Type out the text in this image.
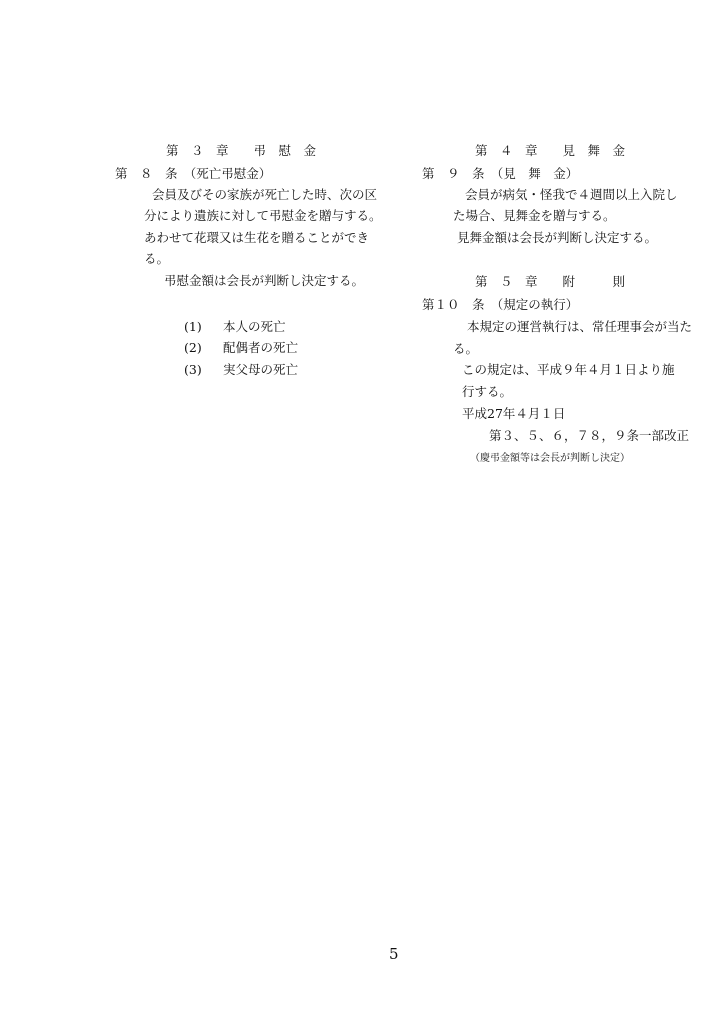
第　３　章　　弔　慰　金
第　８　条　（死亡弔慰金）
会員及びその家族が死亡した時、次の区
分により遺族に対して弔慰金を贈与する。
あわせて花環又は生花を贈ることができ
る。
弔慰金額は会長が判断し決定する。
(1) 本人の死亡
(2) 配偶者の死亡
(3) 実父母の死亡
第　４　章　　見　舞　金
第　９　条　（見　舞　金）
会員が病気・怪我で４週間以上入院し
た場合、見舞金を贈与する。
見舞金額は会長が判断し決定する。
第　５　章　　附　　　則
第１０　条　（規定の執行）
本規定の運営執行は、常任理事会が当た
る。
この規定は、平成９年４月１日より施
行する。
平成27年４月１日
第３、５、６，７８，９条一部改正
（慶弔金額等は会長が判断し決定）
5
